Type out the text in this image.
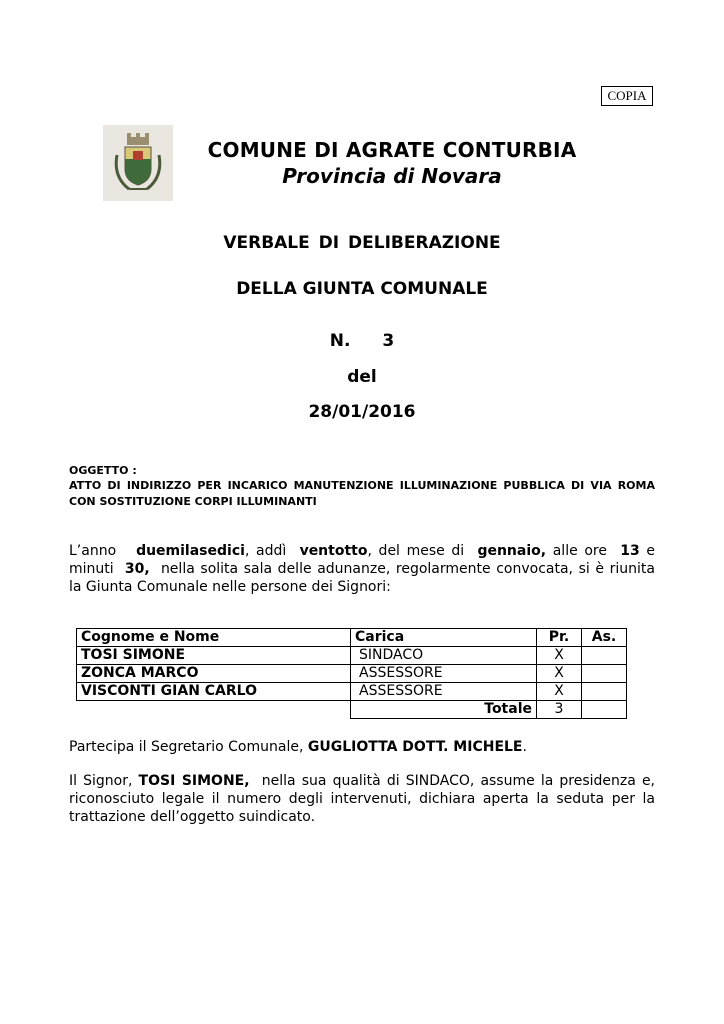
COPIA
COMUNE DI AGRATE CONTURBIA
Provincia di Novara
VERBALE DI DELIBERAZIONE
DELLA GIUNTA COMUNALE
N. 3
del
28/01/2016
OGGETTO :
ATTO DI INDIRIZZO PER INCARICO MANUTENZIONE ILLUMINAZIONE PUBBLICA DI VIA ROMA CON SOSTITUZIONE CORPI ILLUMINANTI
L’anno duemilasedici, addì ventotto, del mese di gennaio, alle ore 13 e minuti 30, nella solita sala delle adunanze, regolarmente convocata, si è riunita la Giunta Comunale nelle persone dei Signori:
Cognome e Nome	Carica	Pr.	As.
TOSI SIMONE	SINDACO	X	
ZONCA MARCO	ASSESSORE	X	
VISCONTI GIAN CARLO	ASSESSORE	X	
	Totale	3	
Partecipa il Segretario Comunale, GUGLIOTTA DOTT. MICHELE.
Il Signor, TOSI SIMONE, nella sua qualità di SINDACO, assume la presidenza e, riconosciuto legale il numero degli intervenuti, dichiara aperta la seduta per la trattazione dell’oggetto suindicato.
